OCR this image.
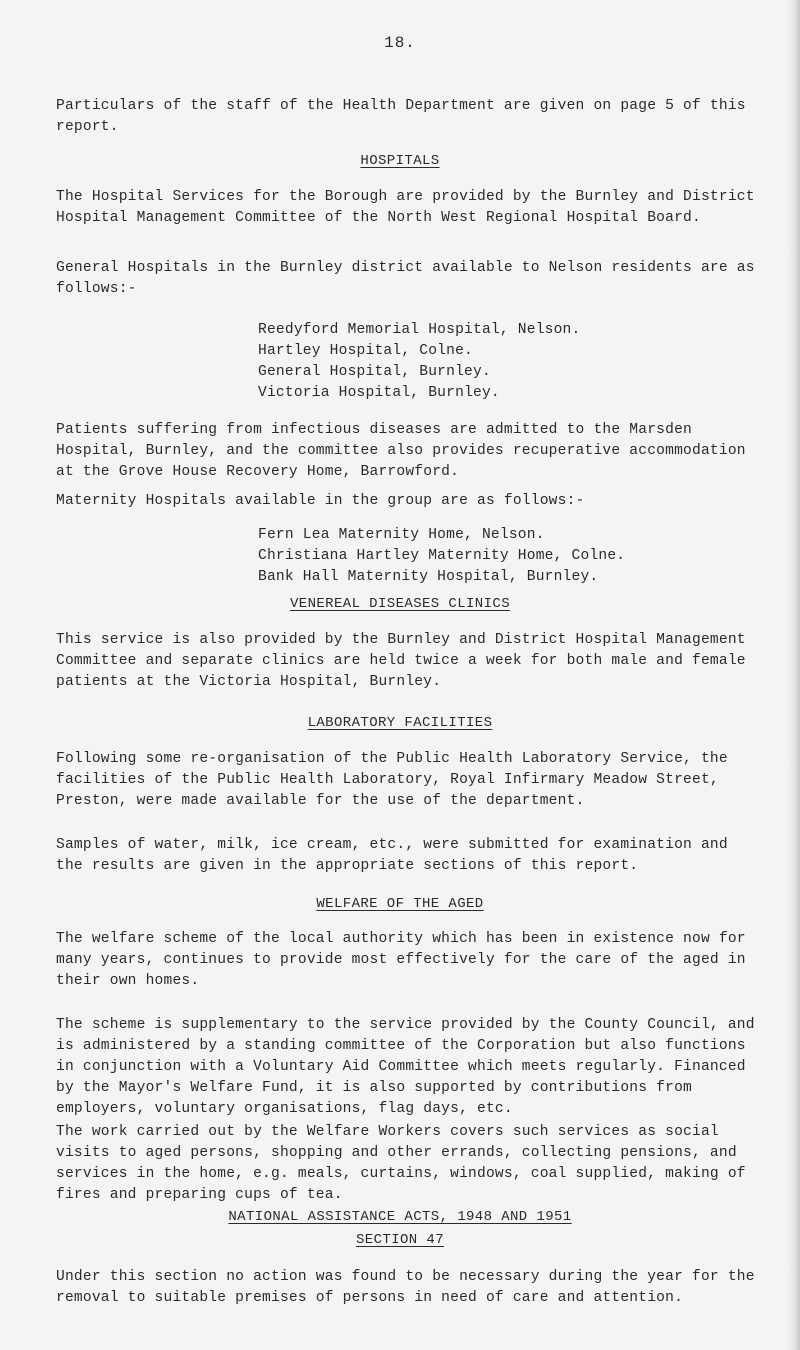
18.
Particulars of the staff of the Health Department are given on page 5 of this report.
HOSPITALS
The Hospital Services for the Borough are provided by the Burnley and District Hospital Management Committee of the North West Regional Hospital Board.
General Hospitals in the Burnley district available to Nelson residents are as follows:-
Reedyford Memorial Hospital, Nelson.
Hartley Hospital, Colne.
General Hospital, Burnley.
Victoria Hospital, Burnley.
Patients suffering from infectious diseases are admitted to the Marsden Hospital, Burnley, and the committee also provides recuperative accommodation at the Grove House Recovery Home, Barrowford.
Maternity Hospitals available in the group are as follows:-
Fern Lea Maternity Home, Nelson.
Christiana Hartley Maternity Home, Colne.
Bank Hall Maternity Hospital, Burnley.
VENEREAL DISEASES CLINICS
This service is also provided by the Burnley and District Hospital Management Committee and separate clinics are held twice a week for both male and female patients at the Victoria Hospital, Burnley.
LABORATORY FACILITIES
Following some re-organisation of the Public Health Laboratory Service, the facilities of the Public Health Laboratory, Royal Infirmary Meadow Street, Preston, were made available for the use of the department.
Samples of water, milk, ice cream, etc., were submitted for examination and the results are given in the appropriate sections of this report.
WELFARE OF THE AGED
The welfare scheme of the local authority which has been in existence now for many years, continues to provide most effectively for the care of the aged in their own homes.
The scheme is supplementary to the service provided by the County Council, and is administered by a standing committee of the Corporation but also functions in conjunction with a Voluntary Aid Committee which meets regularly. Financed by the Mayor's Welfare Fund, it is also supported by contributions from employers, voluntary organisations, flag days, etc.
The work carried out by the Welfare Workers covers such services as social visits to aged persons, shopping and other errands, collecting pensions, and services in the home, e.g. meals, curtains, windows, coal supplied, making of fires and preparing cups of tea.
NATIONAL ASSISTANCE ACTS, 1948 AND 1951
SECTION 47
Under this section no action was found to be necessary during the year for the removal to suitable premises of persons in need of care and attention.
